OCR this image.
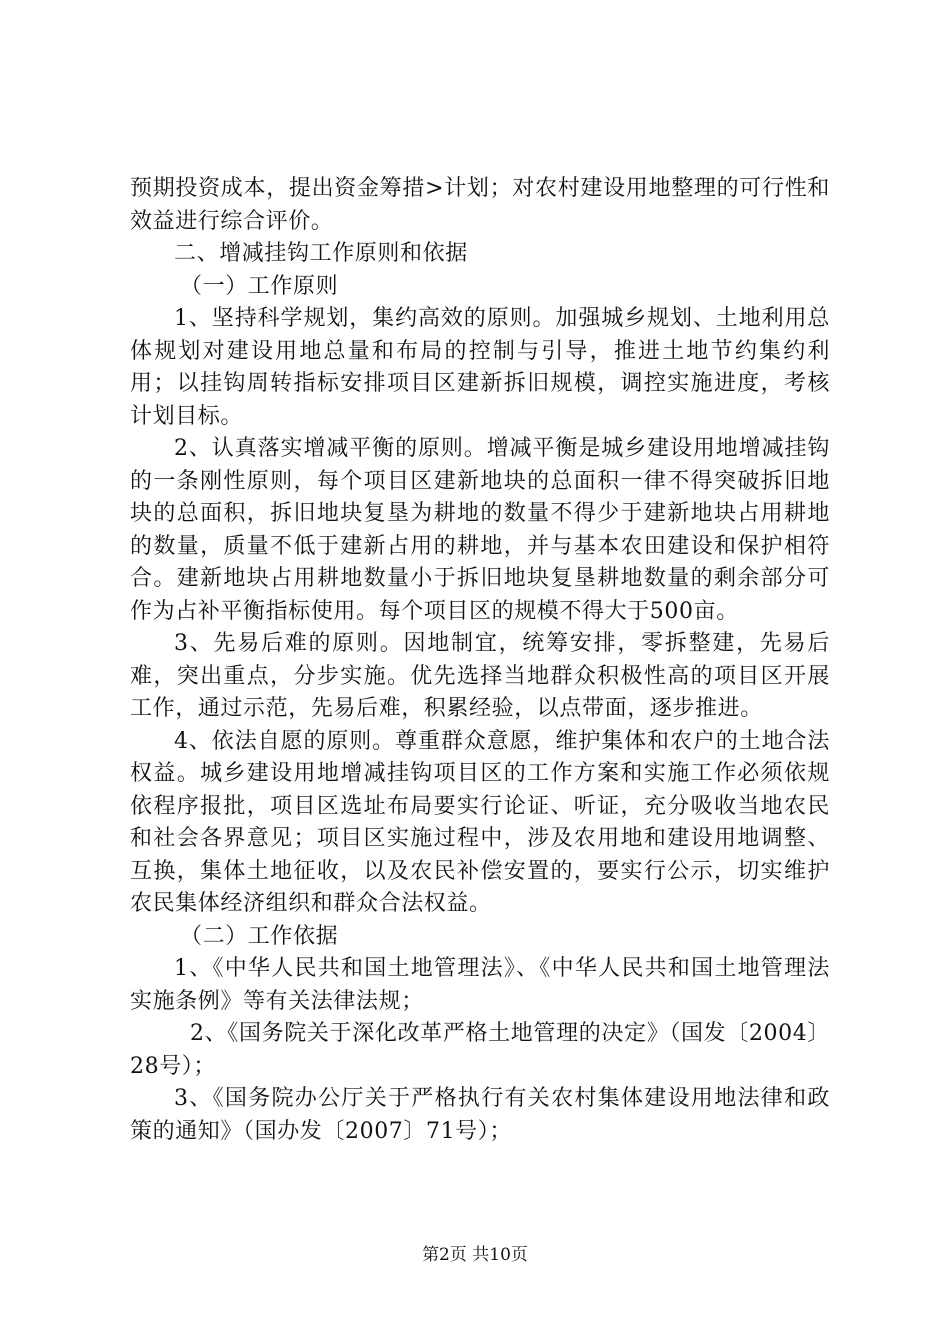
预期投资成本，提出资金筹措>计划；对农村建设用地整理的可行性和效益进行综合评价。

二、增减挂钩工作原则和依据

（一）工作原则

1、坚持科学规划，集约高效的原则。加强城乡规划、土地利用总体规划对建设用地总量和布局的控制与引导，推进土地节约集约利用；以挂钩周转指标安排项目区建新拆旧规模，调控实施进度，考核计划目标。

2、认真落实增减平衡的原则。增减平衡是城乡建设用地增减挂钩的一条刚性原则，每个项目区建新地块的总面积一律不得突破拆旧地块的总面积，拆旧地块复垦为耕地的数量不得少于建新地块占用耕地的数量，质量不低于建新占用的耕地，并与基本农田建设和保护相符合。建新地块占用耕地数量小于拆旧地块复垦耕地数量的剩余部分可作为占补平衡指标使用。每个项目区的规模不得大于500亩。

3、先易后难的原则。因地制宜，统筹安排，零拆整建，先易后难，突出重点，分步实施。优先选择当地群众积极性高的项目区开展工作，通过示范，先易后难，积累经验，以点带面，逐步推进。

4、依法自愿的原则。尊重群众意愿，维护集体和农户的土地合法权益。城乡建设用地增减挂钩项目区的工作方案和实施工作必须依规依程序报批，项目区选址布局要实行论证、听证，充分吸收当地农民和社会各界意见；项目区实施过程中，涉及农用地和建设用地调整、互换，集体土地征收，以及农民补偿安置的，要实行公示，切实维护农民集体经济组织和群众合法权益。

（二）工作依据

1、《中华人民共和国土地管理法》、《中华人民共和国土地管理法实施条例》等有关法律法规；

2、《国务院关于深化改革严格土地管理的决定》（国发〔2004〕28号）；

3、《国务院办公厅关于严格执行有关农村集体建设用地法律和政策的通知》（国办发〔2007〕71号）；

第2页 共10页
